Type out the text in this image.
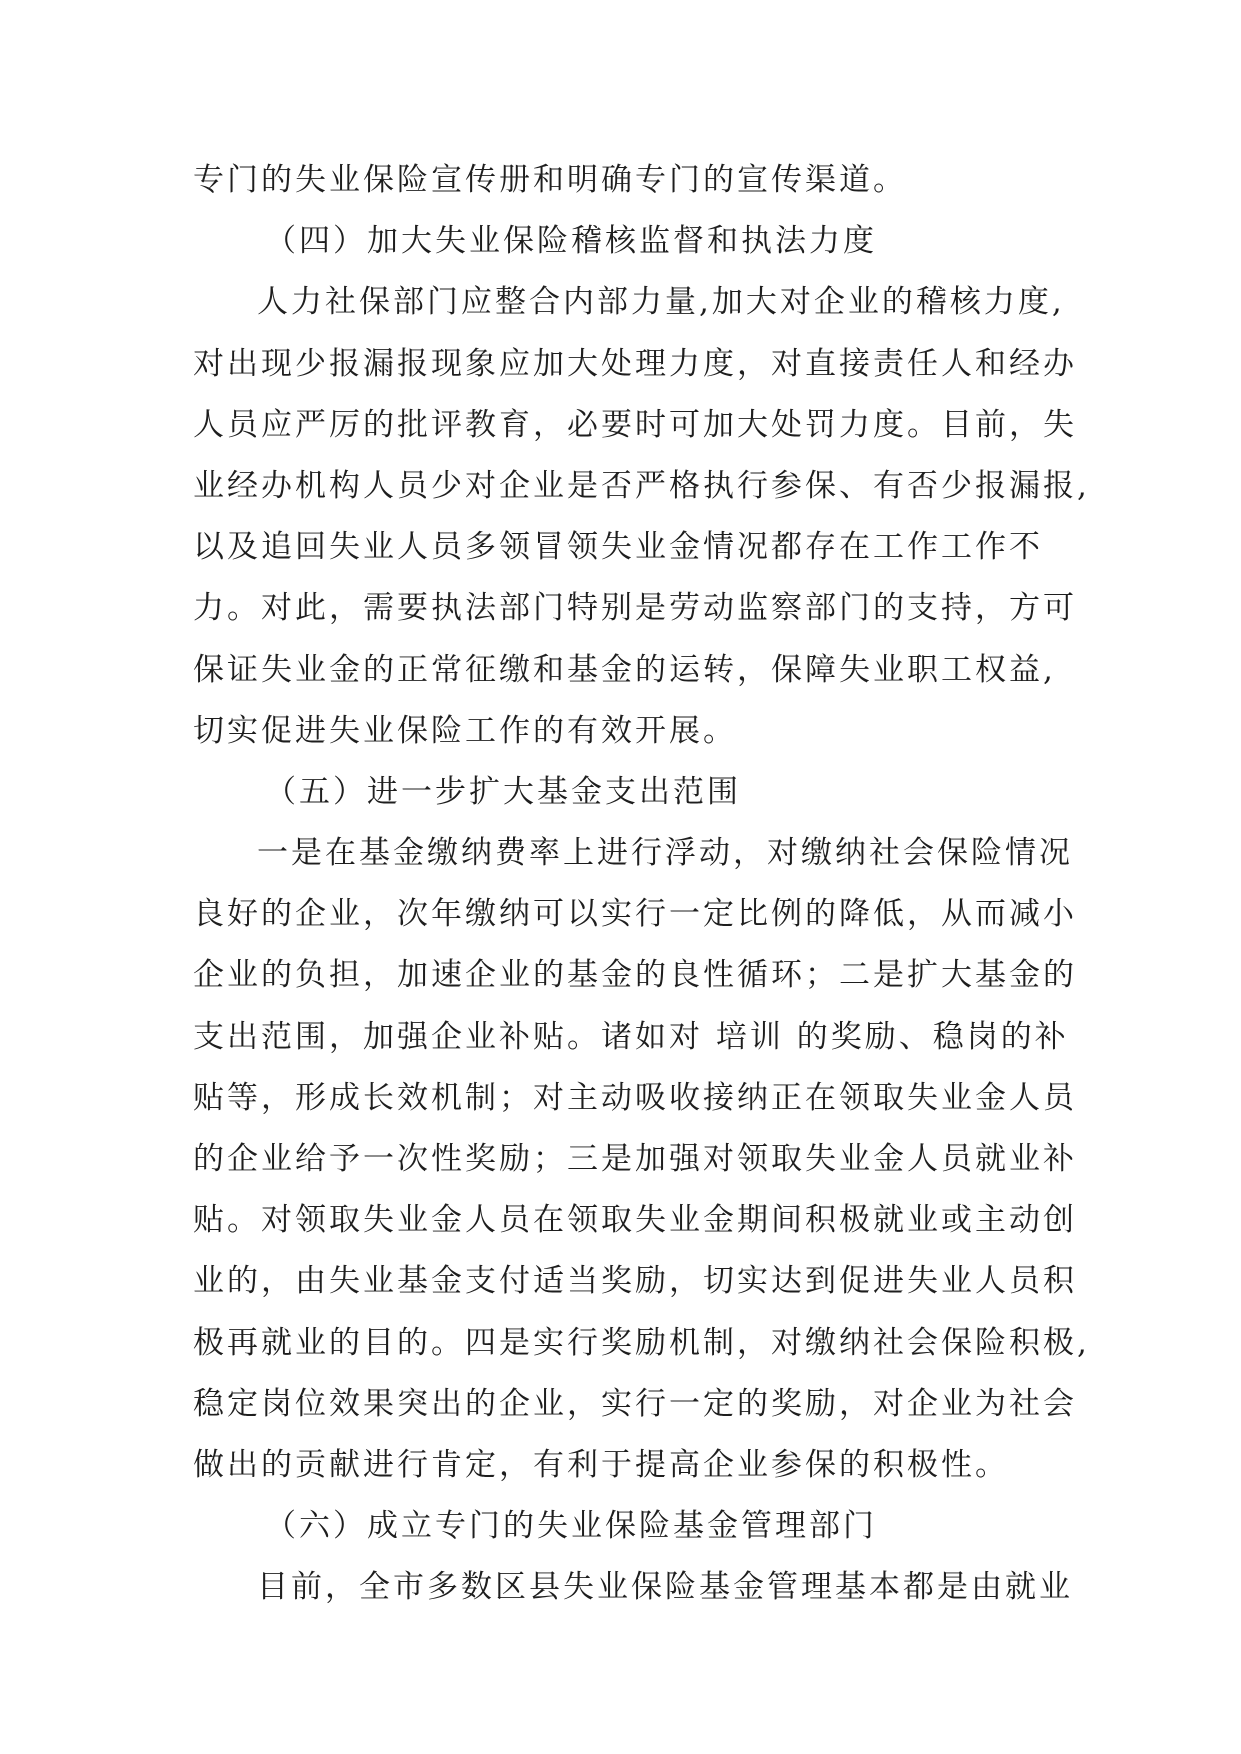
专门的失业保险宣传册和明确专门的宣传渠道。
（四）加大失业保险稽核监督和执法力度
人力社保部门应整合内部力量,加大对企业的稽核力度,
对出现少报漏报现象应加大处理力度，对直接责任人和经办
人员应严厉的批评教育，必要时可加大处罚力度。目前，失
业经办机构人员少对企业是否严格执行参保、有否少报漏报,
以及追回失业人员多领冒领失业金情况都存在工作工作不
力。对此，需要执法部门特别是劳动监察部门的支持，方可
保证失业金的正常征缴和基金的运转，保障失业职工权益,
切实促进失业保险工作的有效开展。
（五）进一步扩大基金支出范围
一是在基金缴纳费率上进行浮动，对缴纳社会保险情况
良好的企业，次年缴纳可以实行一定比例的降低，从而减小
企业的负担，加速企业的基金的良性循环；二是扩大基金的
支出范围，加强企业补贴。诸如对 培训 的奖励、稳岗的补
贴等，形成长效机制；对主动吸收接纳正在领取失业金人员
的企业给予一次性奖励；三是加强对领取失业金人员就业补
贴。对领取失业金人员在领取失业金期间积极就业或主动创
业的，由失业基金支付适当奖励，切实达到促进失业人员积
极再就业的目的。四是实行奖励机制，对缴纳社会保险积极,
稳定岗位效果突出的企业，实行一定的奖励，对企业为社会
做出的贡献进行肯定，有利于提高企业参保的积极性。
（六）成立专门的失业保险基金管理部门
目前，全市多数区县失业保险基金管理基本都是由就业
